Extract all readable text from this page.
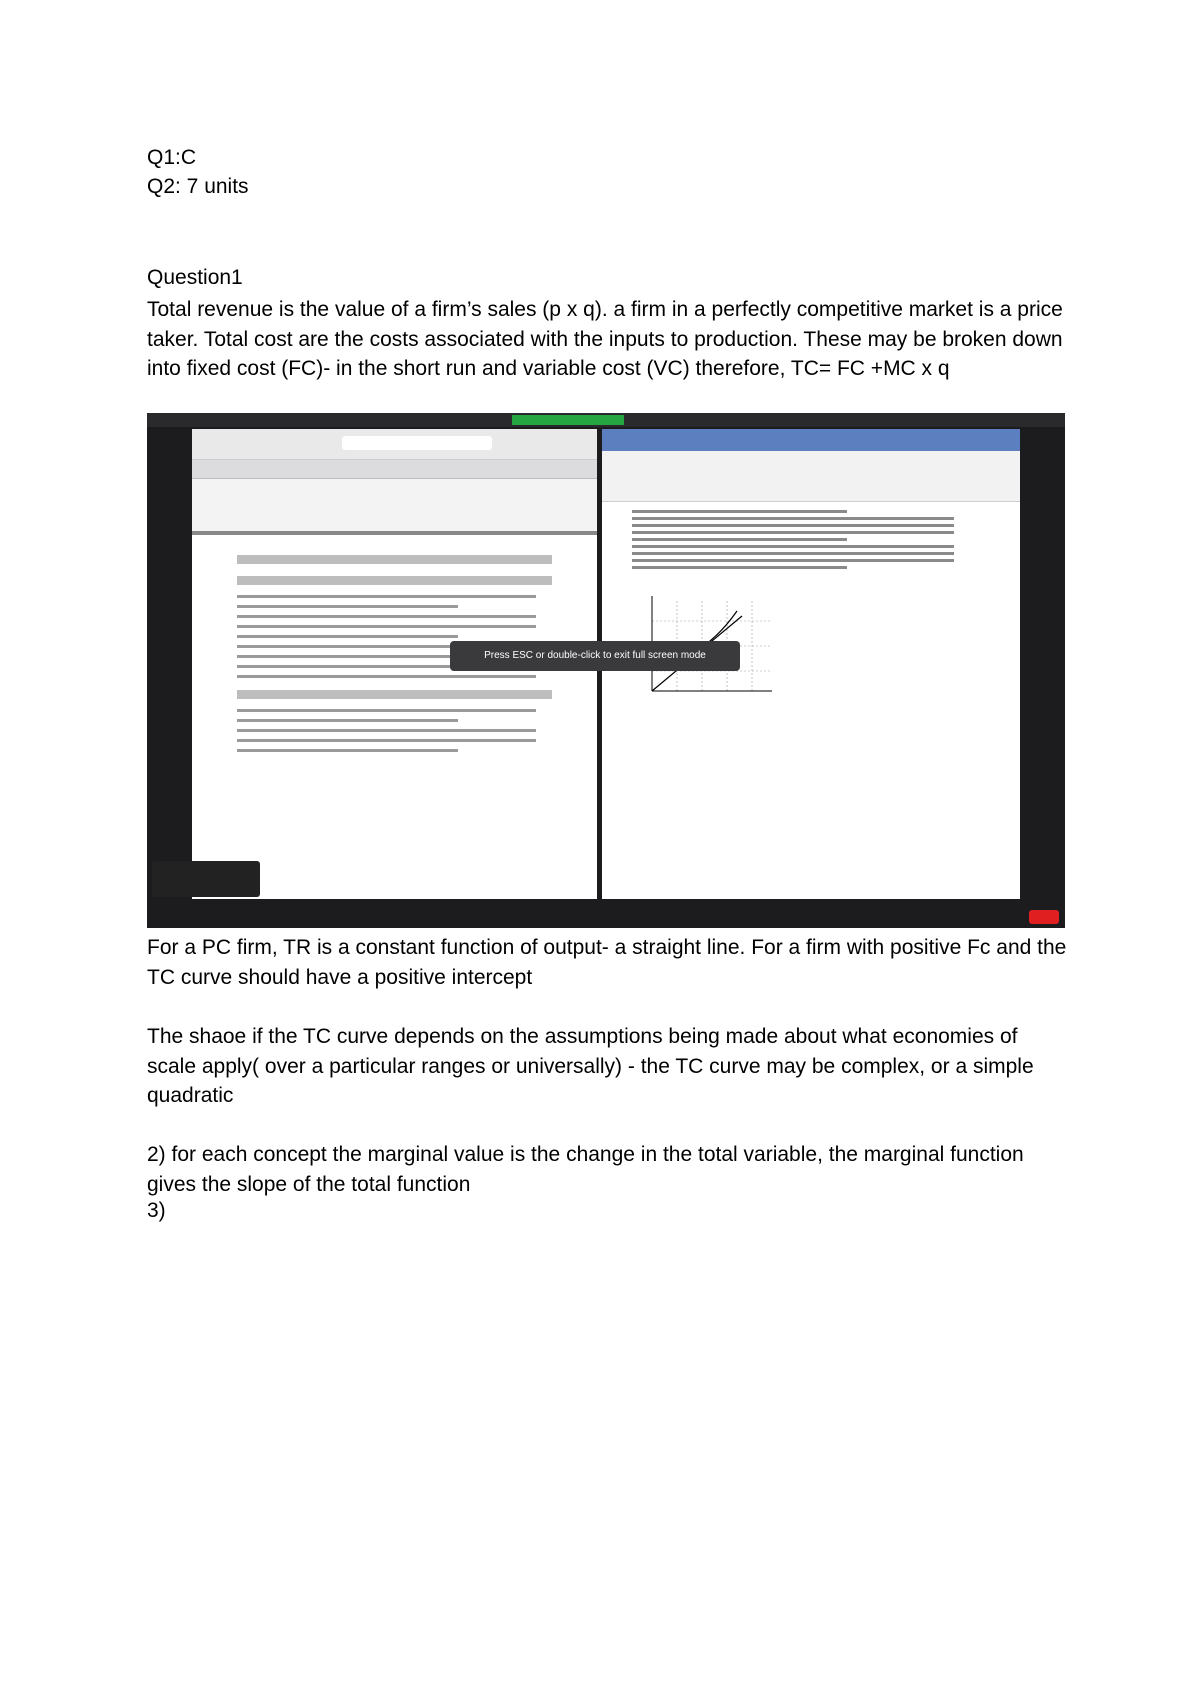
Q1:C
Q2: 7 units
Question1

Total revenue is the value of a firm’s sales (p x q). a firm in a perfectly competitive market is a price taker. Total cost are the costs associated with the inputs to production. These may be broken down into fixed cost (FC)- in the short run and variable cost (VC) therefore, TC= FC +MC x q

Press ESC or double-click to exit full screen mode

For a PC firm, TR is a constant function of output- a straight line. For a firm with positive Fc and the TC curve should have a positive intercept

The shaoe if the TC curve depends on the assumptions being made about what economies of scale apply( over a particular ranges or universally) - the TC curve may be complex, or a simple quadratic

2) for each concept the marginal value is the change in the total variable, the marginal function gives the slope of the total function

3)
